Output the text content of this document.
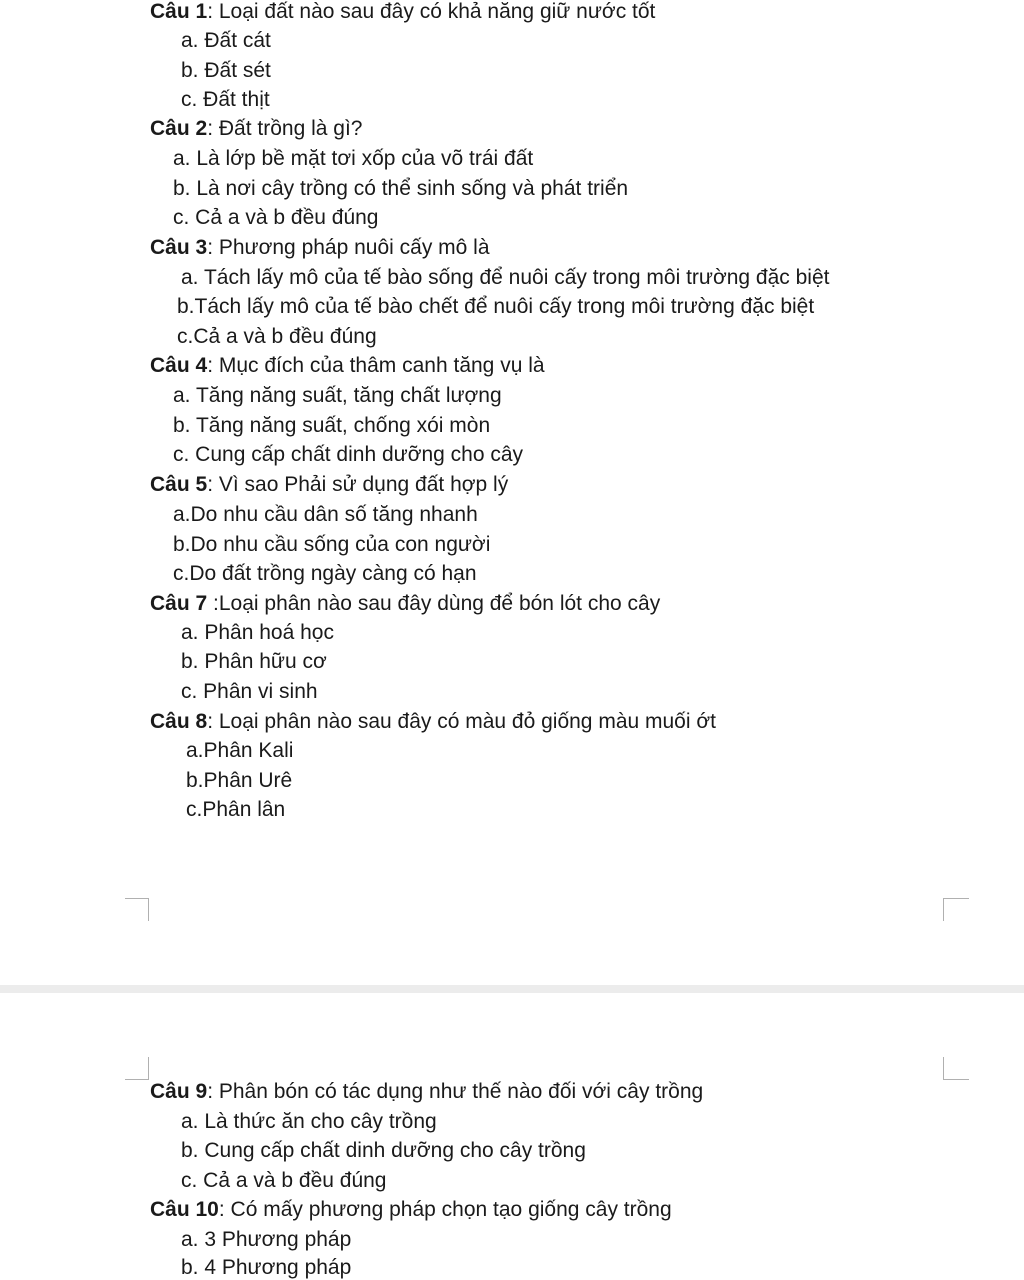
Câu 1: Loại đất nào sau đây có khả năng giữ nước tốt
a. Đất cát
b. Đất sét
c. Đất thịt
Câu 2: Đất trồng là gì?
a. Là lớp bề mặt tơi xốp của võ trái đất
b. Là nơi cây trồng có thể sinh sống và phát triển
c. Cả a và b đều đúng
Câu 3: Phương pháp nuôi cấy mô là
a. Tách lấy mô của tế bào sống để nuôi cấy trong môi trường đặc biệt
b.Tách lấy mô của tế bào chết để nuôi cấy trong môi trường đặc biệt
c.Cả a và b đều đúng
Câu 4: Mục đích của thâm canh tăng vụ là
a. Tăng năng suất, tăng chất lượng
b. Tăng năng suất, chống xói mòn
c. Cung cấp chất dinh dưỡng cho cây
Câu 5: Vì sao Phải sử dụng đất hợp lý
a.Do nhu cầu dân số tăng nhanh
b.Do nhu cầu sống của con người
c.Do đất trồng ngày càng có hạn
Câu 7 :Loại phân nào sau đây dùng để bón lót cho cây
a. Phân hoá học
b. Phân hữu cơ
c. Phân vi sinh
Câu 8: Loại phân nào sau đây có màu đỏ giống màu muối ớt
a.Phân Kali
b.Phân Urê
c.Phân lân
Câu 9: Phân bón có tác dụng như thế nào đối với cây trồng
a. Là thức ăn cho cây trồng
b. Cung cấp chất dinh dưỡng cho cây trồng
c. Cả a và b đều đúng
Câu 10: Có mấy phương pháp chọn tạo giống cây trồng
a. 3 Phương pháp
b. 4 Phương pháp
